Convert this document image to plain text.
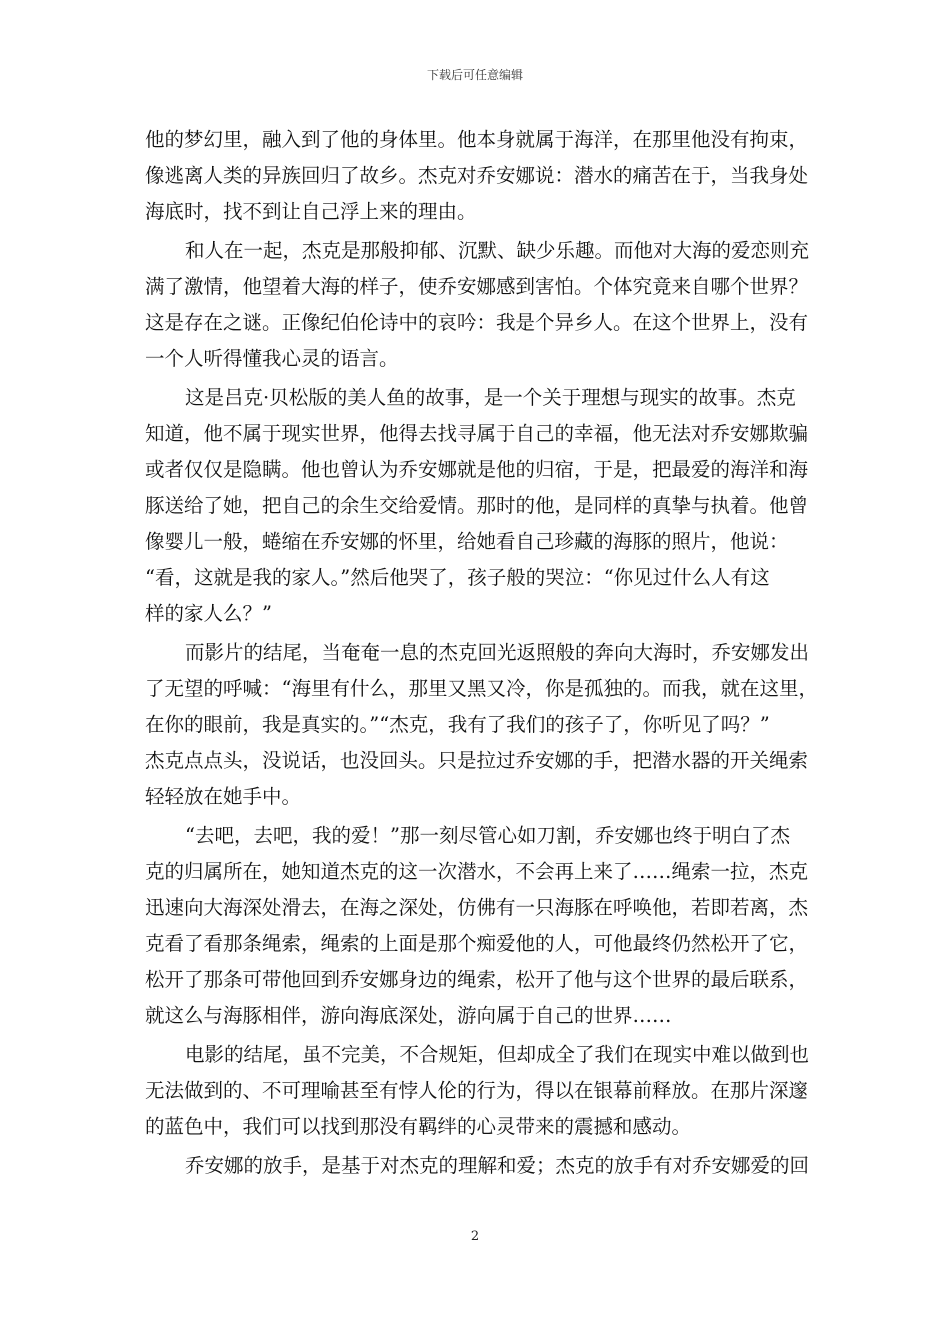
下载后可任意编辑
他的梦幻里，融入到了他的身体里。他本身就属于海洋，在那里他没有拘束，
像逃离人类的异族回归了故乡。杰克对乔安娜说：潜水的痛苦在于，当我身处
海底时，找不到让自己浮上来的理由。
和人在一起，杰克是那般抑郁、沉默、缺少乐趣。而他对大海的爱恋则充
满了激情，他望着大海的样子，使乔安娜感到害怕。个体究竟来自哪个世界？
这是存在之谜。正像纪伯伦诗中的哀吟：我是个异乡人。在这个世界上，没有
一个人听得懂我心灵的语言。
这是吕克·贝松版的美人鱼的故事，是一个关于理想与现实的故事。杰克
知道，他不属于现实世界，他得去找寻属于自己的幸福，他无法对乔安娜欺骗
或者仅仅是隐瞒。他也曾认为乔安娜就是他的归宿，于是，把最爱的海洋和海
豚送给了她，把自己的余生交给爱情。那时的他，是同样的真挚与执着。他曾
像婴儿一般，蜷缩在乔安娜的怀里，给她看自己珍藏的海豚的照片，他说：
“看，这就是我的家人。”然后他哭了，孩子般的哭泣：“你见过什么人有这
样的家人么？”
而影片的结尾，当奄奄一息的杰克回光返照般的奔向大海时，乔安娜发出
了无望的呼喊：“海里有什么，那里又黑又冷，你是孤独的。而我，就在这里，
在你的眼前，我是真实的。”“杰克，我有了我们的孩子了，你听见了吗？”
杰克点点头，没说话，也没回头。只是拉过乔安娜的手，把潜水器的开关绳索
轻轻放在她手中。
“去吧，去吧，我的爱！”那一刻尽管心如刀割，乔安娜也终于明白了杰
克的归属所在，她知道杰克的这一次潜水，不会再上来了……绳索一拉，杰克
迅速向大海深处滑去，在海之深处，仿佛有一只海豚在呼唤他，若即若离，杰
克看了看那条绳索，绳索的上面是那个痴爱他的人，可他最终仍然松开了它，
松开了那条可带他回到乔安娜身边的绳索，松开了他与这个世界的最后联系，
就这么与海豚相伴，游向海底深处，游向属于自己的世界……
电影的结尾，虽不完美，不合规矩，但却成全了我们在现实中难以做到也
无法做到的、不可理喻甚至有悖人伦的行为，得以在银幕前释放。在那片深邃
的蓝色中，我们可以找到那没有羁绊的心灵带来的震撼和感动。
乔安娜的放手，是基于对杰克的理解和爱；杰克的放手有对乔安娜爱的回
2
